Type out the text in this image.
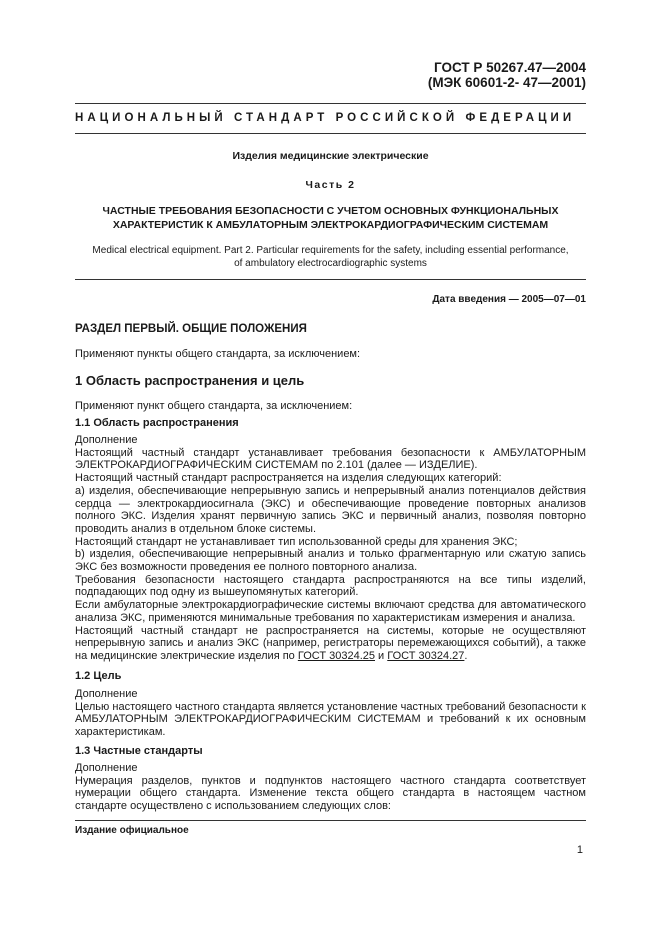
ГОСТ Р 50267.47—2004
(МЭК 60601-2- 47—2001)
НАЦИОНАЛЬНЫЙ СТАНДАРТ РОССИЙСКОЙ ФЕДЕРАЦИИ
Изделия медицинские электрические
Часть 2
ЧАСТНЫЕ ТРЕБОВАНИЯ БЕЗОПАСНОСТИ С УЧЕТОМ ОСНОВНЫХ ФУНКЦИОНАЛЬНЫХ
ХАРАКТЕРИСТИК К АМБУЛАТОРНЫМ ЭЛЕКТРОКАРДИОГРАФИЧЕСКИМ СИСТЕМАМ
Medical electrical equipment. Part 2. Particular requirements for the safety, including essential performance,
of ambulatory electrocardiographic systems
Дата введения — 2005—07—01
РАЗДЕЛ ПЕРВЫЙ. ОБЩИЕ ПОЛОЖЕНИЯ
Применяют пункты общего стандарта, за исключением:
1 Область распространения и цель
Применяют пункт общего стандарта, за исключением:
1.1 Область распространения

Дополнение

Настоящий частный стандарт устанавливает требования безопасности к АМБУЛАТОРНЫМ ЭЛЕКТРОКАРДИОГРАФИЧЕСКИМ СИСТЕМАМ по 2.101 (далее — ИЗДЕЛИЕ).

Настоящий частный стандарт распространяется на изделия следующих категорий:

а) изделия, обеспечивающие непрерывную запись и непрерывный анализ потенциалов действия сердца — электрокардиосигнала (ЭКС) и обеспечивающие проведение повторных анализов полного ЭКС. Изделия хранят первичную запись ЭКС и первичный анализ, позволяя повторно проводить анализ в отдельном блоке системы.

Настоящий стандарт не устанавливает тип использованной среды для хранения ЭКС;

b) изделия, обеспечивающие непрерывный анализ и только фрагментарную или сжатую запись ЭКС без возможности проведения ее полного повторного анализа.

Требования безопасности настоящего стандарта распространяются на все типы изделий, подпадающих под одну из вышеупомянутых категорий.

Если амбулаторные электрокардиографические системы включают средства для автоматического анализа ЭКС, применяются минимальные требования по характеристикам измерения и анализа.

Настоящий частный стандарт не распространяется на системы, которые не осуществляют непрерывную запись и анализ ЭКС (например, регистраторы перемежающихся событий), а также на медицинские электрические изделия по ГОСТ 30324.25 и ГОСТ 30324.27.

1.2 Цель

Дополнение

Целью настоящего частного стандарта является установление частных требований безопасности к АМБУЛАТОРНЫМ ЭЛЕКТРОКАРДИОГРАФИЧЕСКИМ СИСТЕМАМ и требований к их основным характеристикам.

1.3 Частные стандарты

Дополнение

Нумерация разделов, пунктов и подпунктов настоящего частного стандарта соответствует нумерации общего стандарта. Изменение текста общего стандарта в настоящем частном стандарте осуществлено с использованием следующих слов:

Издание официальное
1
